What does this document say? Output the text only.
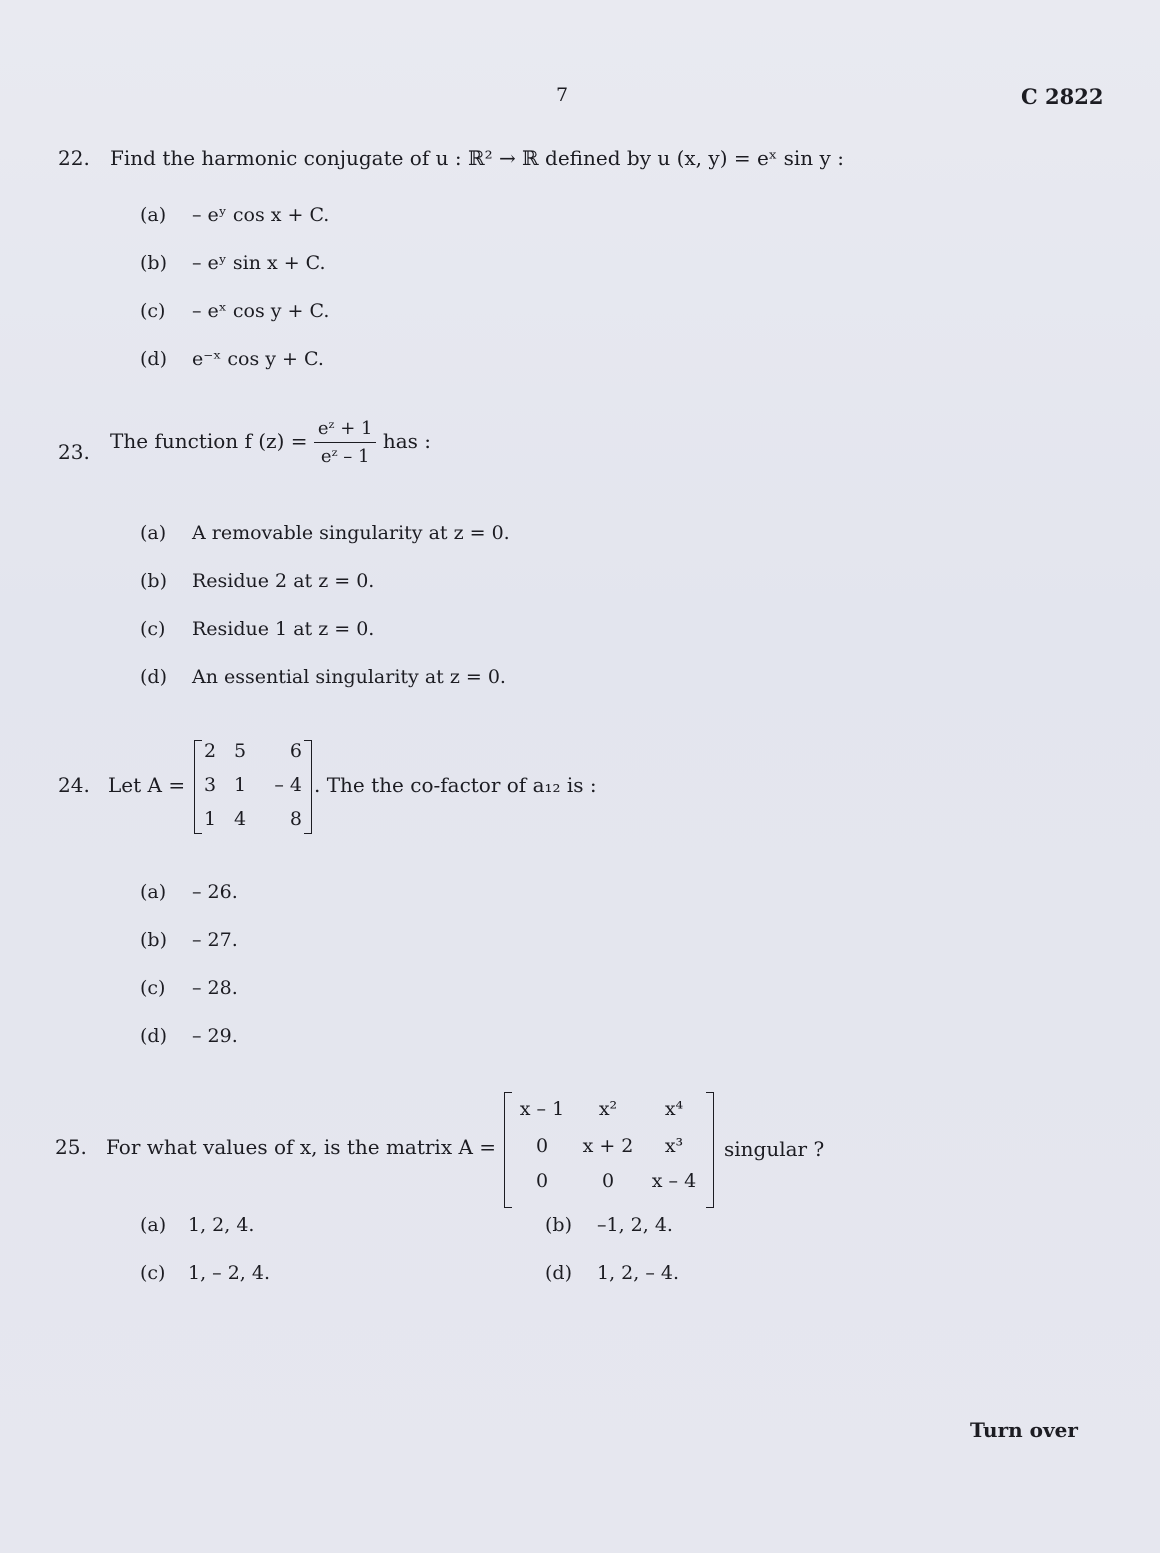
7	C 2822
22. Find the harmonic conjugate of u : ℝ² → ℝ defined by u (x, y) = eˣ sin y :
(a) – eʸ cos x + C.
(b) – eʸ sin x + C.
(c) – eˣ cos y + C.
(d) e⁻ˣ cos y + C.
23. The function f $(z) = \frac{\text{eᶻ + 1}}{\text{eᶻ – 1}}$ has :
(a) A removable singularity at z = 0.
(b) Residue 2 at z = 0.
(c) Residue 1 at z = 0.
(d) An essential singularity at z = 0.
24. Let A =
2 5	6
3 1	– 4
1 4	8
. The the co-factor of a₁₂ is :
(a) – 26.
(b) – 27.
(c) – 28.
(d) – 29.
25. For what values of x, is the matrix A =
x – 1	x²	x⁴
0	x + 2	x³
0	0	x – 4
singular ?
(a) 1, 2, 4.	(b) –1, 2, 4.
(c) 1, – 2, 4.	(d) 1, 2, – 4.
Turn over
